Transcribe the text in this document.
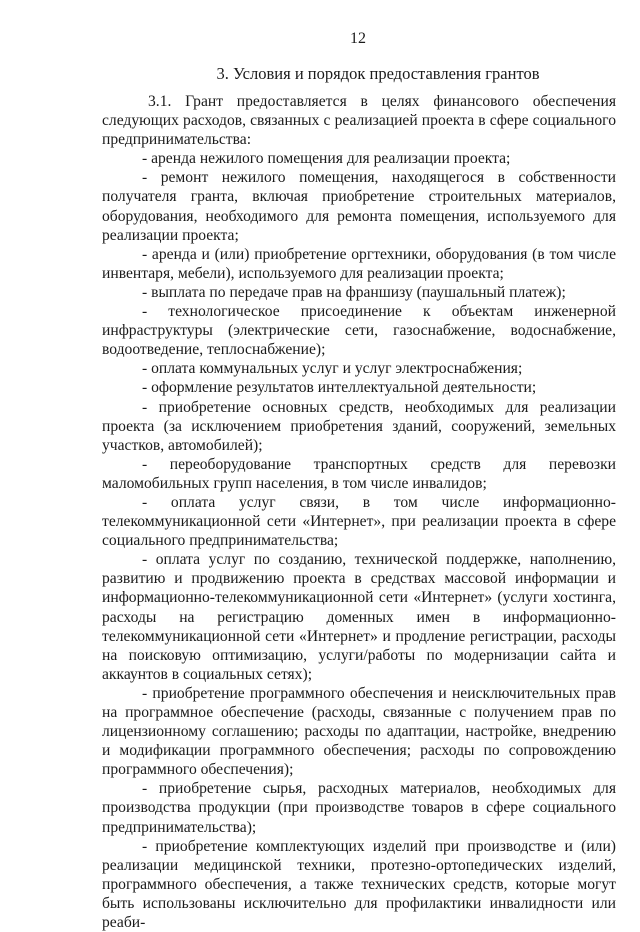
12
3. Условия и порядок предоставления грантов

3.1. Грант предоставляется в целях финансового обеспечения следующих расходов, связанных с реализацией проекта в сфере социального предпринимательства:

- аренда нежилого помещения для реализации проекта;

- ремонт нежилого помещения, находящегося в собственности получателя гранта, включая приобретение строительных материалов, оборудования, необходимого для ремонта помещения, используемого для реализации проекта;

- аренда и (или) приобретение оргтехники, оборудования (в том числе инвентаря, мебели), используемого для реализации проекта;

- выплата по передаче прав на франшизу (паушальный платеж);

- технологическое присоединение к объектам инженерной инфраструктуры (электрические сети, газоснабжение, водоснабжение, водоотведение, теплоснабжение);

- оплата коммунальных услуг и услуг электроснабжения;

- оформление результатов интеллектуальной деятельности;

- приобретение основных средств, необходимых для реализации проекта (за исключением приобретения зданий, сооружений, земельных участков, автомобилей);

- переоборудование транспортных средств для перевозки маломобильных групп населения, в том числе инвалидов;

- оплата услуг связи, в том числе информационно-телекоммуникационной сети «Интернет», при реализации проекта в сфере социального предпринимательства;

- оплата услуг по созданию, технической поддержке, наполнению, развитию и продвижению проекта в средствах массовой информации и информационно-телекоммуникационной сети «Интернет» (услуги хостинга, расходы на регистрацию доменных имен в информационно-телекоммуникационной сети «Интернет» и продление регистрации, расходы на поисковую оптимизацию, услуги/работы по модернизации сайта и аккаунтов в социальных сетях);

- приобретение программного обеспечения и неисключительных прав на программное обеспечение (расходы, связанные с получением прав по лицензионному соглашению; расходы по адаптации, настройке, внедрению и модификации программного обеспечения; расходы по сопровождению программного обеспечения);

- приобретение сырья, расходных материалов, необходимых для производства продукции (при производстве товаров в сфере социального предпринимательства);

- приобретение комплектующих изделий при производстве и (или) реализации медицинской техники, протезно-ортопедических изделий, программного обеспечения, а также технических средств, которые могут быть использованы исключительно для профилактики инвалидности или реаби-
